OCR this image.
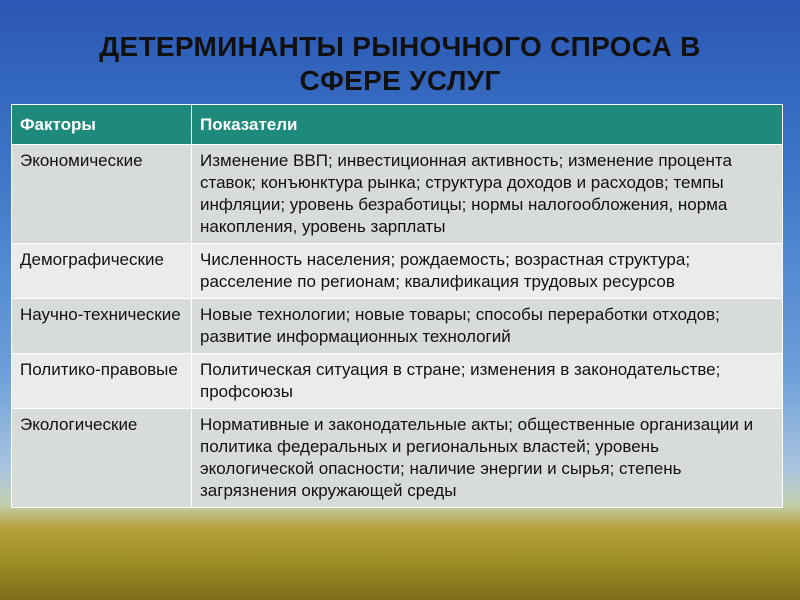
ДЕТЕРМИНАНТЫ РЫНОЧНОГО СПРОСА В СФЕРЕ УСЛУГ
Факторы	Показатели
Экономические	Изменение ВВП; инвестиционная активность; изменение процента ставок; конъюнктура рынка; структура доходов и расходов; темпы инфляции; уровень безработицы; нормы налогообложения, норма накопления, уровень зарплаты
Демографические	Численность населения; рождаемость; возрастная структура; расселение по регионам; квалификация трудовых ресурсов
Научно-технические	Новые технологии; новые товары; способы переработки отходов; развитие информационных технологий
Политико-правовые	Политическая ситуация в стране; изменения в законодательстве; профсоюзы
Экологические	Нормативные и законодательные акты; общественные организации и политика федеральных и региональных властей; уровень экологической опасности; наличие энергии и сырья; степень загрязнения окружающей среды
